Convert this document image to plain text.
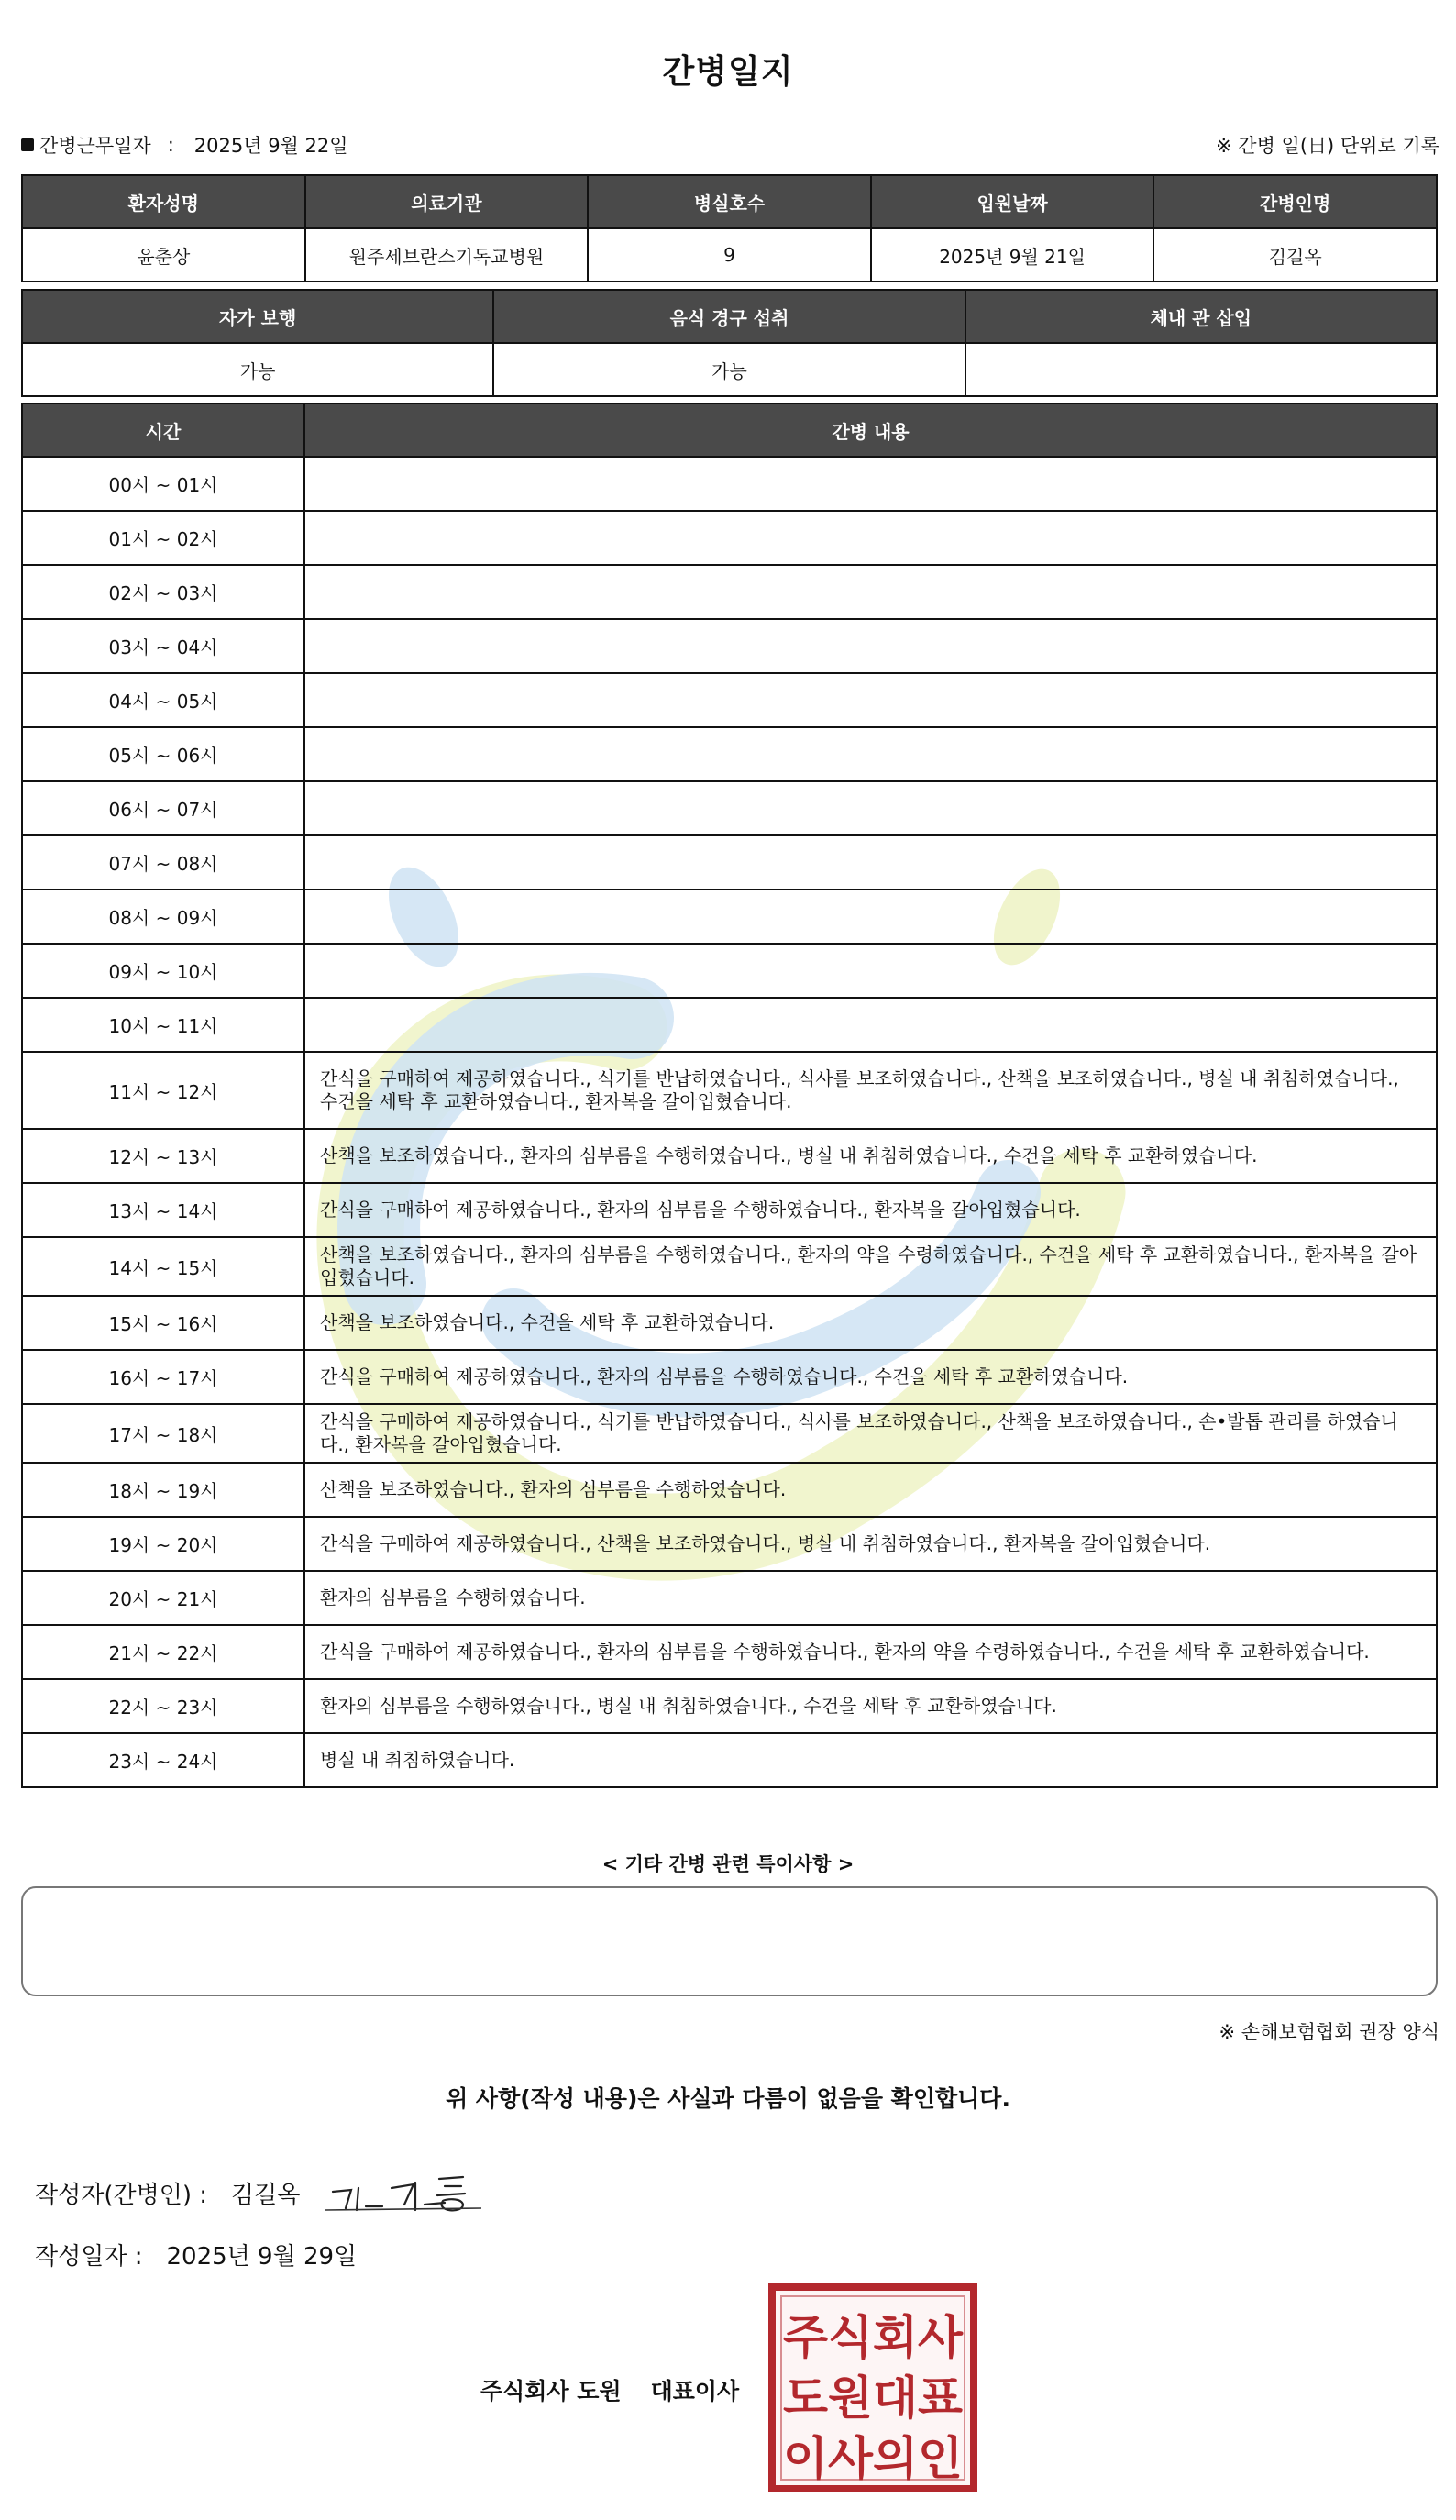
간병일지
간병근무일자 : 2025년 9월 22일	※ 간병 일(日) 단위로 기록
환자성명	의료기관	병실호수	입원날짜	간병인명
윤춘상	원주세브란스기독교병원	9	2025년 9월 21일	김길옥
자가 보행	음식 경구 섭취	체내 관 삽입
가능	가능	
시간	간병 내용
00시 ~ 01시	
01시 ~ 02시	
02시 ~ 03시	
03시 ~ 04시	
04시 ~ 05시	
05시 ~ 06시	
06시 ~ 07시	
07시 ~ 08시	
08시 ~ 09시	
09시 ~ 10시	
10시 ~ 11시	
11시 ~ 12시	간식을 구매하여 제공하였습니다., 식기를 반납하였습니다., 식사를 보조하였습니다., 산책을 보조하였습니다., 병실 내 취침하였습니다., 수건을 세탁 후 교환하였습니다., 환자복을 갈아입혔습니다.
12시 ~ 13시	산책을 보조하였습니다., 환자의 심부름을 수행하였습니다., 병실 내 취침하였습니다., 수건을 세탁 후 교환하였습니다.
13시 ~ 14시	간식을 구매하여 제공하였습니다., 환자의 심부름을 수행하였습니다., 환자복을 갈아입혔습니다.
14시 ~ 15시	산책을 보조하였습니다., 환자의 심부름을 수행하였습니다., 환자의 약을 수령하였습니다., 수건을 세탁 후 교환하였습니다., 환자복을 갈아입혔습니다.
15시 ~ 16시	산책을 보조하였습니다., 수건을 세탁 후 교환하였습니다.
16시 ~ 17시	간식을 구매하여 제공하였습니다., 환자의 심부름을 수행하였습니다., 수건을 세탁 후 교환하였습니다.
17시 ~ 18시	간식을 구매하여 제공하였습니다., 식기를 반납하였습니다., 식사를 보조하였습니다., 산책을 보조하였습니다., 손•발톱 관리를 하였습니다., 환자복을 갈아입혔습니다.
18시 ~ 19시	산책을 보조하였습니다., 환자의 심부름을 수행하였습니다.
19시 ~ 20시	간식을 구매하여 제공하였습니다., 산책을 보조하였습니다., 병실 내 취침하였습니다., 환자복을 갈아입혔습니다.
20시 ~ 21시	환자의 심부름을 수행하였습니다.
21시 ~ 22시	간식을 구매하여 제공하였습니다., 환자의 심부름을 수행하였습니다., 환자의 약을 수령하였습니다., 수건을 세탁 후 교환하였습니다.
22시 ~ 23시	환자의 심부름을 수행하였습니다., 병실 내 취침하였습니다., 수건을 세탁 후 교환하였습니다.
23시 ~ 24시	병실 내 취침하였습니다.
< 기타 간병 관련 특이사항 >
※ 손해보험협회 권장 양식
위 사항(작성 내용)은 사실과 다름이 없음을 확인합니다.
작성자(간병인) : 김길옥
작성일자 : 2025년 9월 29일
주식회사 도원 대표이사
주식회사
도원대표
이사의인
